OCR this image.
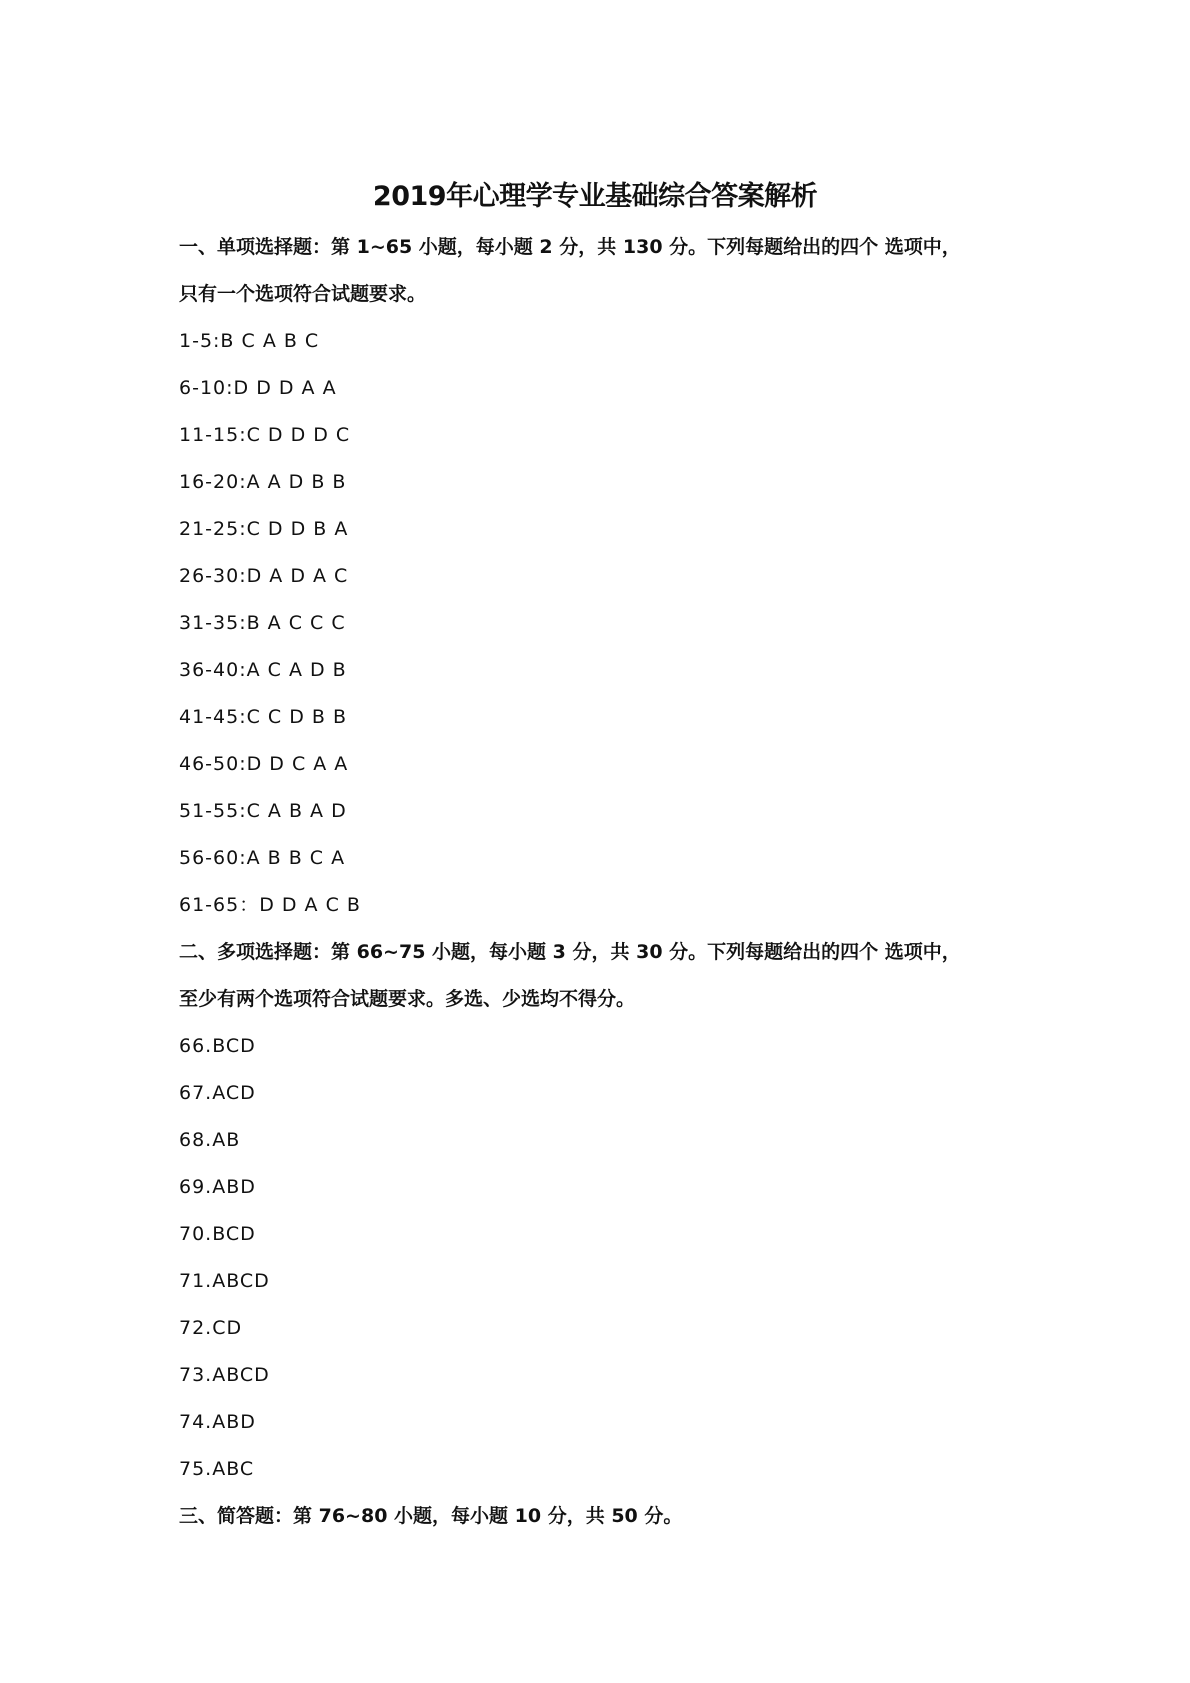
2019年心理学专业基础综合答案解析
一、单项选择题：第 1~65 小题，每小题 2 分，共 130 分。下列每题给出的四个 选项中，
只有一个选项符合试题要求。
1-5:B C A B C
6-10:D D D A A
11-15:C D D D C
16-20:A A D B B
21-25:C D D B A
26-30:D A D A C
31-35:B A C C C
36-40:A C A D B
41-45:C C D B B
46-50:D D C A A
51-55:C A B A D
56-60:A B B C A
61-65：D D A C B
二、多项选择题：第 66~75 小题，每小题 3 分，共 30 分。下列每题给出的四个 选项中，
至少有两个选项符合试题要求。多选、少选均不得分。
66.BCD
67.ACD
68.AB
69.ABD
70.BCD
71.ABCD
72.CD
73.ABCD
74.ABD
75.ABC
三、简答题：第 76~80 小题，每小题 10 分，共 50 分。
